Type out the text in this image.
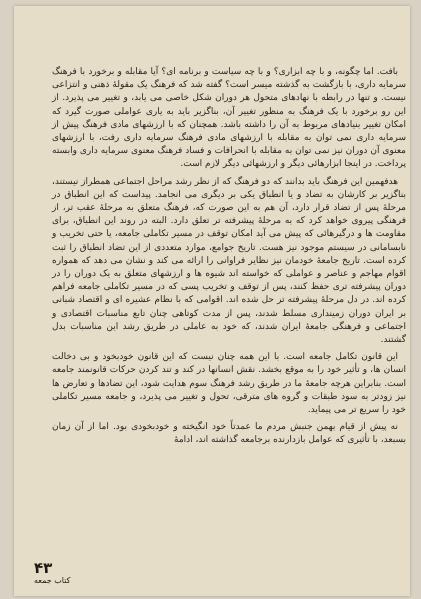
بافت. اما چگونه، و با چه ابزاری؟ و با چه سیاست و برنامه ای؟ آیا مقابله و برخورد با فرهنگ سرمایه داری، با بازگشت به گذشته میسر است؟ گفته شد که فرهنگ یک مقولهٔ ذهنی و انتزاعی نیست. و تنها در رابطه با نهادهای متحول هر دوران شکل خاصی می یابد، و تغییر می پذیرد. از این رو برخورد با یک فرهنگ به منظور تغییر آن، بناگزیر باید به یاری عواملی صورت گیرد که امکان تغییر بنیادهای مربوط به آن را داشته باشد. همچنان که با ارزشهای مادی فرهنگ پیش از سرمایه داری نمی توان به مقابله با ارزشهای مادی فرهنگ سرمایه داری رفت، با ارزشهای معنوی آن دوران نیز نمی توان به مقابله با انحرافات و فساد فرهنگ معنوی سرمایه داری وابسته پرداخت. در اینجا ابزارهائی دیگر و ارزشهائی دیگر لازم است.

هدفهمین این فرهنگ باید بدانند که دو فرهنگ که از نظر رشد مراحل اجتماعی همطراز نیستند، بناگزیر بر کارشان به تضاد و یا انطباق یکی بر دیگری می انجامد. پیداست که این انطباق در مرحلهٔ پس از تضاد قرار دارد، آن هم به این صورت که، فرهنگ متعلق به مرحلهٔ عقب تر، از فرهنگی پیروی خواهد کرد که به مرحلهٔ پیشرفته تر تعلق دارد. البته در روند این انطباق، برای مقاومت ها و درگیرهائی که پیش می آید امکان توقف در مسیر تکاملی جامعه، یا حتی تخریب و نابسامانی در سیستم موجود نیز هست. تاریخ جوامع، موارد متعددی از این تضاد انطباق را ثبت کرده است. تاریخ جامعهٔ خودمان نیز نظایر فراوانی را ارائه می کند و نشان می دهد که همواره اقوام مهاجم و عناصر و عواملی که خواسته اند شیوه ها و ارزشهای متعلق به یک دوران را در دوران پیشرفته تری حفظ کنند، پس از توقف و تخریب پسی که در مسیر تکاملی جامعه فراهم کرده اند. در دل مرحلهٔ پیشرفته تر حل شده اند. اقوامی که با نظام عشیره ای و اقتصاد شبانی بر ایران دوران زمینداری مسلط شدند، پس از مدت کوتاهی چنان تابع مناسبات اقتصادی و اجتماعی و فرهنگی جامعهٔ ایران شدند، که خود به عاملی در طریق رشد این مناسبات بدل گشتند.

این قانون تکامل جامعه است. با این همه چنان نیست که این قانون خودبخود و بی دخالت انسان ها، و تأثیر خود را به موقع بخشد. نقش انسانها در کند و تند کردن حرکات قانونمند جامعه است. بنابراین هرچه جامعهٔ ما در طریق رشد فرهنگ سوم هدایت شود، این تضادها و تعارض ها نیز زودتر به سود طبقات و گروه های مترقی، تحول و تغییر می پذیرد، و جامعه مسیر تکاملی خود را سریع تر می پیماید.

نه پیش از قیام بهمن جنبش مردم ما عمدتاً خود انگیخته و خودبخودی بود. اما از آن زمان بسبعد، با تأثیری که عوامل بازدارنده برجامعه گذاشته اند، ادامهٔ

۴۳
کتاب جمعه
